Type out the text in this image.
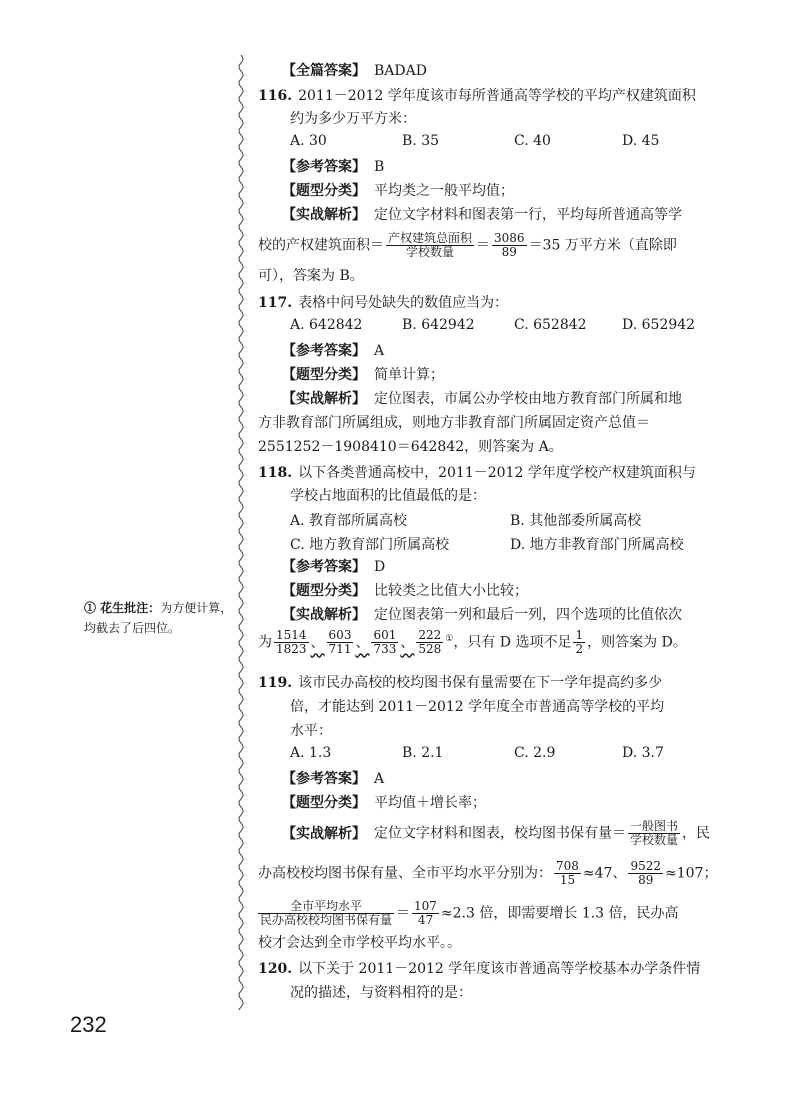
① 花生批注：为方便计算，均截去了后四位。
【全篇答案】 BADAD
116. 2011－2012 学年度该市每所普通高等学校的平均产权建筑面积
约为多少万平方米：
A. 30	B. 35	C. 40	D. 45
【参考答案】 B
【题型分类】 平均类之一般平均值；
【实战解析】 定位文字材料和图表第一行，平均每所普通高等学
校的产权建筑面积＝ $\frac{\text{产权建筑总面积}}{\text{学校数量}} = \frac{3086}{89} =35$ 万平方米（直除即
可），答案为 B。
117. 表格中问号处缺失的数值应当为：
A. 642842	B. 642942	C. 652842	D. 652942
【参考答案】 A
【题型分类】 简单计算；
【实战解析】 定位图表，市属公办学校由地方教育部门所属和地
方非教育部门所属组成，则地方非教育部门所属固定资产总值＝
2551252－1908410＝642842，则答案为 A。
118. 以下各类普通高校中，2011－2012 学年度学校产权建筑面积与
学校占地面积的比值最低的是：
A. 教育部所属高校	B. 其他部委所属高校
C. 地方教育部门所属高校	D. 地方非教育部门所属高校
【参考答案】 D
【题型分类】 比较类之比值大小比较；
【实战解析】 定位图表第一列和最后一列，四个选项的比值依次
为 $\frac{1514}{1823}$ 、 $\frac{603}{711}$ 、 $\frac{601}{733}$ 、 $\frac{222}{528} ^①$，只有 D 选项不足 $\frac{1}{2}$ ，则答案为 D。
119. 该市民办高校的校均图书保有量需要在下一学年提高约多少
倍，才能达到 2011－2012 学年度全市普通高等学校的平均
水平：
A. 1.3	B. 2.1	C. 2.9	D. 3.7
【参考答案】 A
【题型分类】 平均值＋增长率；
【实战解析】 定位文字材料和图表，校均图书保有量＝ $\frac{\text{一般图书}}{\text{学校数量}}$ ，民
办高校校均图书保有量、全市平均水平分别为： $\frac{708}{15} \approx 47$、 $\frac{9522}{89} \approx 107$；
$\frac{\text{全市平均水平}}{\text{民办高校校均图书保有量}} = \frac{107}{47} \approx 2.3$ 倍，即需要增长 1.3 倍，民办高
校才会达到全市学校平均水平。。
120. 以下关于 2011－2012 学年度该市普通高等学校基本办学条件情
况的描述，与资料相符的是：
232
